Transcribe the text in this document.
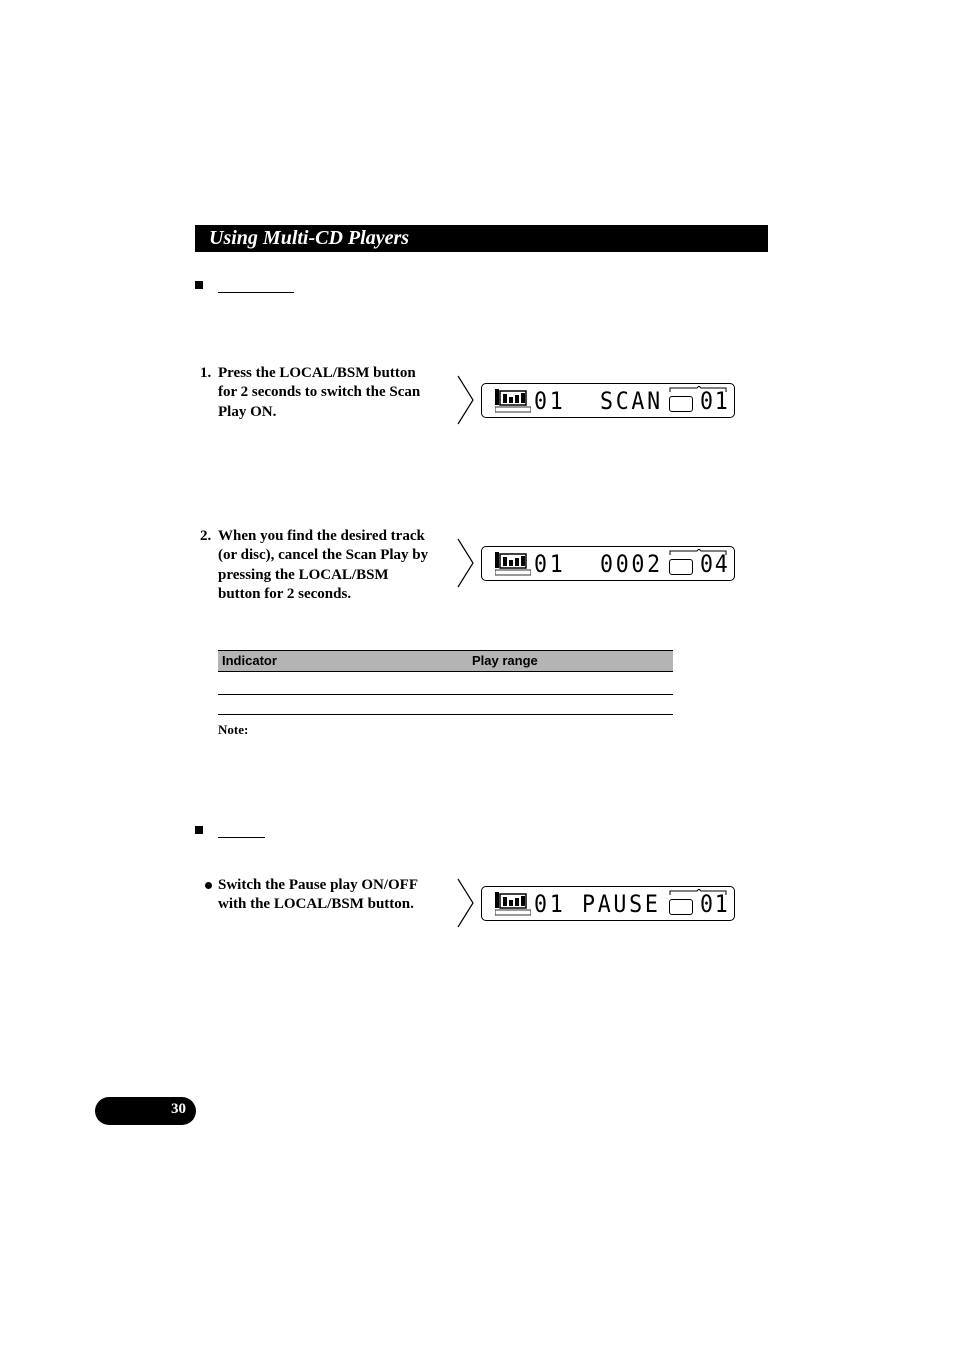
Using Multi-CD Players
1. Press the LOCAL/BSM button
for 2 seconds to switch the Scan
Play ON.	01 SCAN 01
2. When you find the desired track
(or disc), cancel the Scan Play by
pressing the LOCAL/BSM
button for 2 seconds.
01 0002 04
Indicator	Play range
Note:
Switch the Pause play ON/OFF
with the LOCAL/BSM button.	01 PAUSE 01
30
